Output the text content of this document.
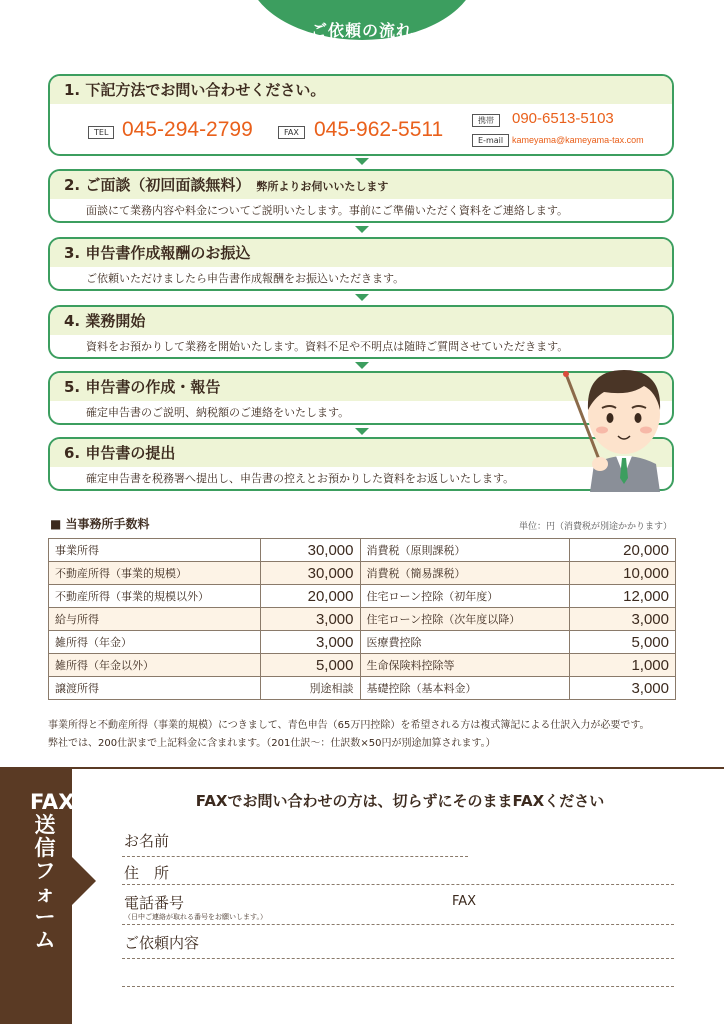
ご依頼の流れ
1. 下記方法でお問い合わせください。
TEL 045-294-2799	FAX 045-962-5511	携帯	090-6513-5103
E-mail kameyama@kameyama-tax.com
2. ご面談（初回面談無料） 弊所よりお伺いいたします
面談にて業務内容や料金についてご説明いたします。事前にご準備いただく資料をご連絡します。
3. 申告書作成報酬のお振込
ご依頼いただけましたら申告書作成報酬をお振込いただきます。
4. 業務開始
資料をお預かりして業務を開始いたします。資料不足や不明点は随時ご質問させていただきます。
5. 申告書の作成・報告
確定申告書のご説明、納税額のご連絡をいたします。
6. 申告書の提出
確定申告書を税務署へ提出し、申告書の控えとお預かりした資料をお返しいたします。
■ 当事務所手数料	単位：円（消費税が別途かかります）
事業所得	30,000	消費税（原則課税）	20,000
不動産所得（事業的規模）	30,000	消費税（簡易課税）	10,000
不動産所得（事業的規模以外）	20,000	住宅ローン控除（初年度）	12,000
給与所得	3,000	住宅ローン控除（次年度以降）	3,000
雑所得（年金）	3,000	医療費控除	5,000
雑所得（年金以外）	5,000	生命保険料控除等	1,000
譲渡所得	別途相談	基礎控除（基本料金）	3,000
事業所得と不動産所得（事業的規模）につきまして、青色申告（65万円控除）を希望される方は複式簿記による仕訳入力が必要です。
弊社では、200仕訳まで上記料金に含まれます。（201仕訳～：仕訳数×50円が別途加算されます。）
FAX送信フォーム
FAXでお問い合わせの方は、切らずにそのままFAXください
お名前
住　所
電話番号
（日中ご連絡が取れる番号をお願いします。）
FAX
ご依頼内容
